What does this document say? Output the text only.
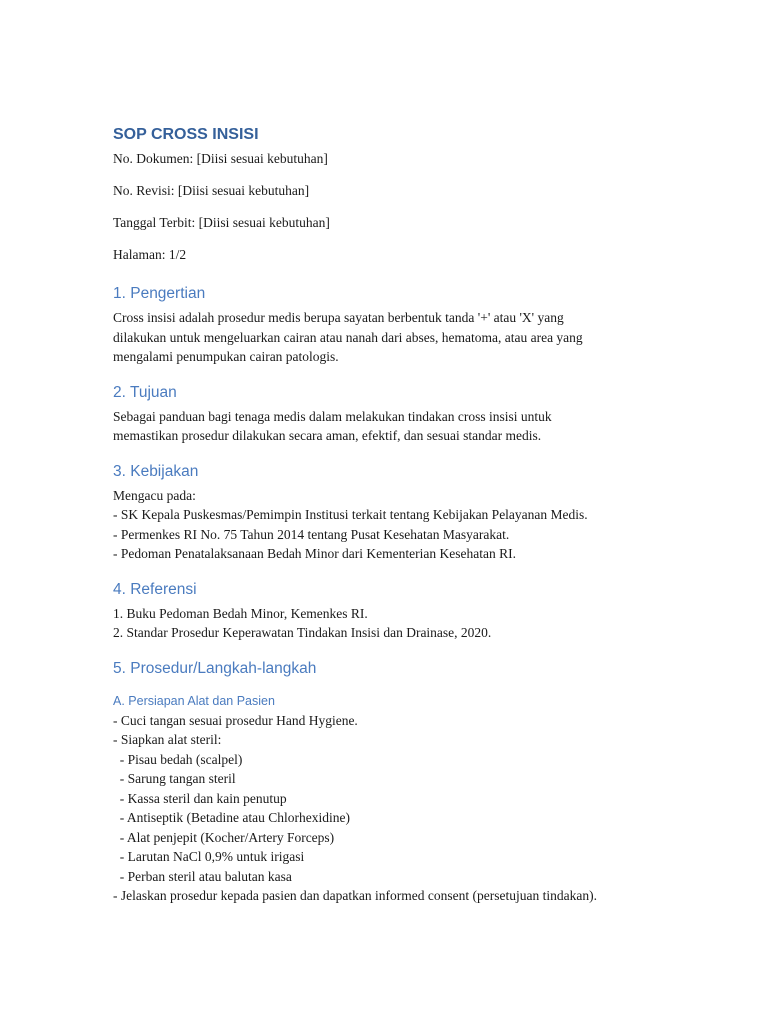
SOP CROSS INSISI

No. Dokumen: [Diisi sesuai kebutuhan]

No. Revisi: [Diisi sesuai kebutuhan]

Tanggal Terbit: [Diisi sesuai kebutuhan]

Halaman: 1/2

1. Pengertian

Cross insisi adalah prosedur medis berupa sayatan berbentuk tanda '+' atau 'X' yang

dilakukan untuk mengeluarkan cairan atau nanah dari abses, hematoma, atau area yang

mengalami penumpukan cairan patologis.

2. Tujuan

Sebagai panduan bagi tenaga medis dalam melakukan tindakan cross insisi untuk

memastikan prosedur dilakukan secara aman, efektif, dan sesuai standar medis.

3. Kebijakan

Mengacu pada:

- SK Kepala Puskesmas/Pemimpin Institusi terkait tentang Kebijakan Pelayanan Medis.

- Permenkes RI No. 75 Tahun 2014 tentang Pusat Kesehatan Masyarakat.

- Pedoman Penatalaksanaan Bedah Minor dari Kementerian Kesehatan RI.

4. Referensi

1. Buku Pedoman Bedah Minor, Kemenkes RI.

2. Standar Prosedur Keperawatan Tindakan Insisi dan Drainase, 2020.

5. Prosedur/Langkah-langkah
A. Persiapan Alat dan Pasien

- Cuci tangan sesuai prosedur Hand Hygiene.

- Siapkan alat steril:

- Pisau bedah (scalpel)

- Sarung tangan steril

- Kassa steril dan kain penutup

- Antiseptik (Betadine atau Chlorhexidine)

- Alat penjepit (Kocher/Artery Forceps)

- Larutan NaCl 0,9% untuk irigasi

- Perban steril atau balutan kasa

- Jelaskan prosedur kepada pasien dan dapatkan informed consent (persetujuan tindakan).
